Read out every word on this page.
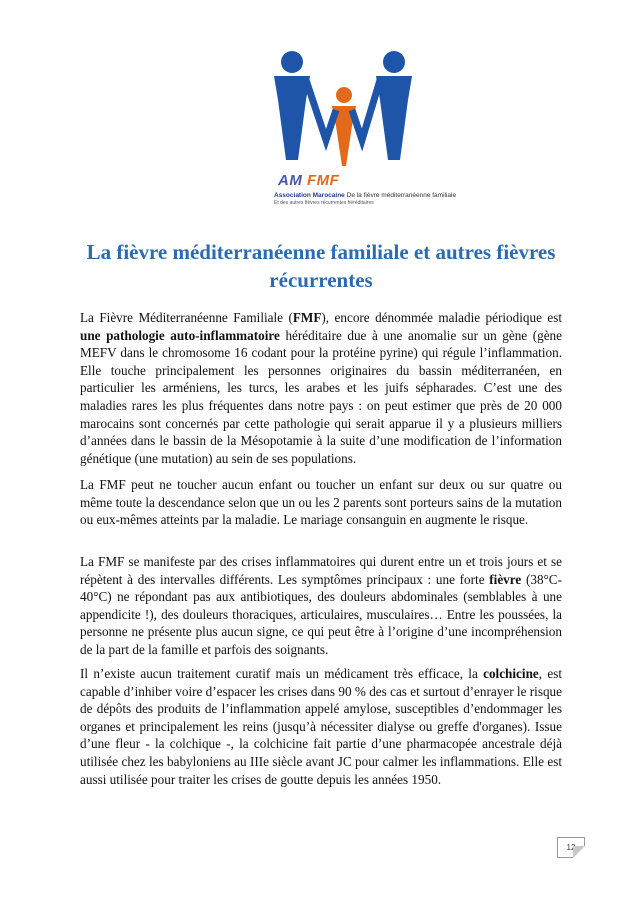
AM FMF
Association Marocaine De la fièvre méditerranéenne familiale
Et des autres fièvres récurrentes héréditaires
La fièvre méditerranéenne familiale et autres fièvres récurrentes

La Fièvre Méditerranéenne Familiale (FMF), encore dénommée maladie périodique est une pathologie auto-inflammatoire héréditaire due à une anomalie sur un gène (gène MEFV dans le chromosome 16 codant pour la protéine pyrine) qui régule l’inflammation. Elle touche principalement les personnes originaires du bassin méditerranéen, en particulier les arméniens, les turcs, les arabes et les juifs sépharades. C’est une des maladies rares les plus fréquentes dans notre pays : on peut estimer que près de 20 000 marocains sont concernés par cette pathologie qui serait apparue il y a plusieurs milliers d’années dans le bassin de la Mésopotamie à la suite d’une modification de l’information génétique (une mutation) au sein de ses populations.

La FMF peut ne toucher aucun enfant ou toucher un enfant sur deux ou sur quatre ou même toute la descendance selon que un ou les 2 parents sont porteurs sains de la mutation ou eux-mêmes atteints par la maladie. Le mariage consanguin en augmente le risque.

La FMF se manifeste par des crises inflammatoires qui durent entre un et trois jours et se répètent à des intervalles différents. Les symptômes principaux : une forte fièvre (38°C-40°C) ne répondant pas aux antibiotiques, des douleurs abdominales (semblables à une appendicite !), des douleurs thoraciques, articulaires, musculaires… Entre les poussées, la personne ne présente plus aucun signe, ce qui peut être à l’origine d’une incompréhension de la part de la famille et parfois des soignants.

Il n’existe aucun traitement curatif mais un médicament très efficace, la colchicine, est capable d’inhiber voire d’espacer les crises dans 90 % des cas et surtout d’enrayer le risque de dépôts des produits de l’inflammation appelé amylose, susceptibles d’endommager les organes et principalement les reins (jusqu’à nécessiter dialyse ou greffe d'organes). Issue d’une fleur - la colchique -, la colchicine fait partie d’une pharmacopée ancestrale déjà utilisée chez les babyloniens au IIIe siècle avant JC pour calmer les inflammations. Elle est aussi utilisée pour traiter les crises de goutte depuis les années 1950.

12
